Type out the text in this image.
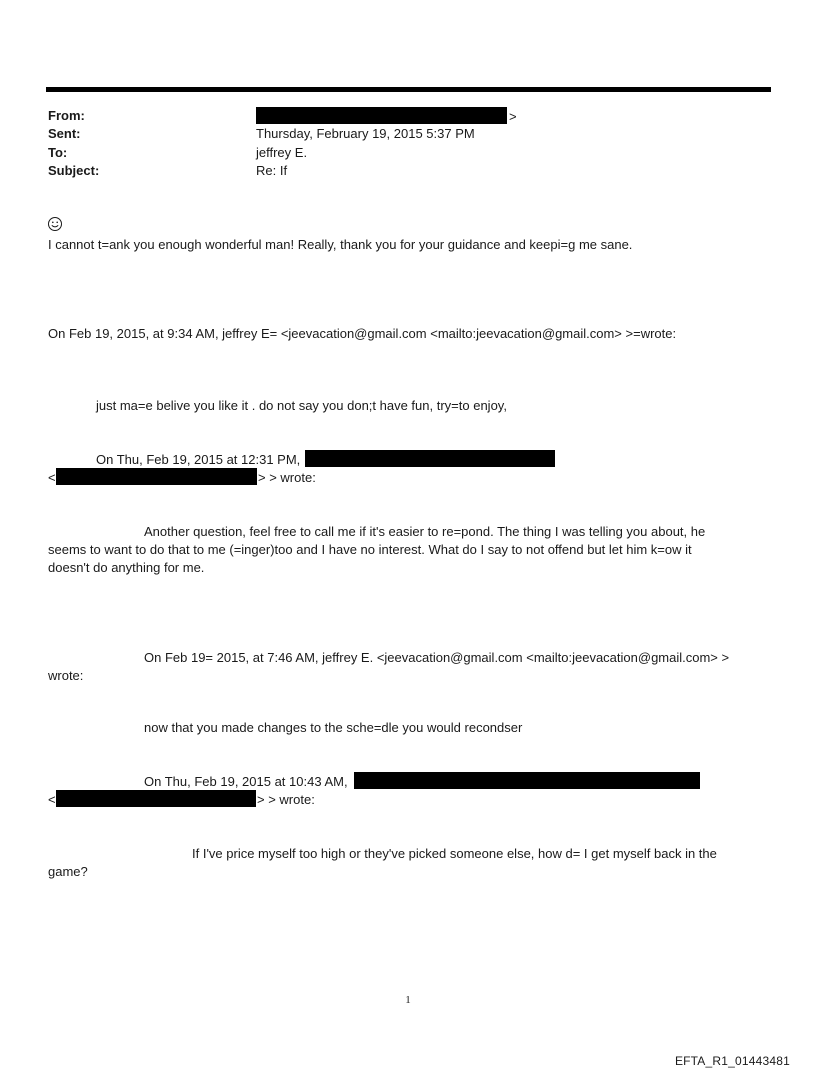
From:	>
Sent:	Thursday, February 19, 2015 5:37 PM
To:	jeffrey E.
Subject:	Re: If
I cannot t=ank you enough wonderful man! Really, thank you for your guidance and keepi=g me sane.
On Feb 19, 2015, at 9:34 AM, jeffrey E= <jeevacation@gmail.com <mailto:jeevacation@gmail.com> >=wrote:
just ma=e belive you like it . do not say you don;t have fun, try=to enjoy,
On Thu, Feb 19, 2015 at 12:31 PM,
<	> > wrote:
Another question, feel free to call me if it's easier to re=pond. The thing I was telling you about, he
seems to want to do that to me (=inger)too and I have no interest. What do I say to not offend but let him k=ow it
doesn't do anything for me.
On Feb 19= 2015, at 7:46 AM, jeffrey E. <jeevacation@gmail.com <mailto:jeevacation@gmail.com> >
wrote:
now that you made changes to the sche=dle you would recondser
On Thu, Feb 19, 2015 at 10:43 AM,
<	> > wrote:
If I've price myself too high or they've picked someone else, how d= I get myself back in the
game?
1
EFTA_R1_01443481
